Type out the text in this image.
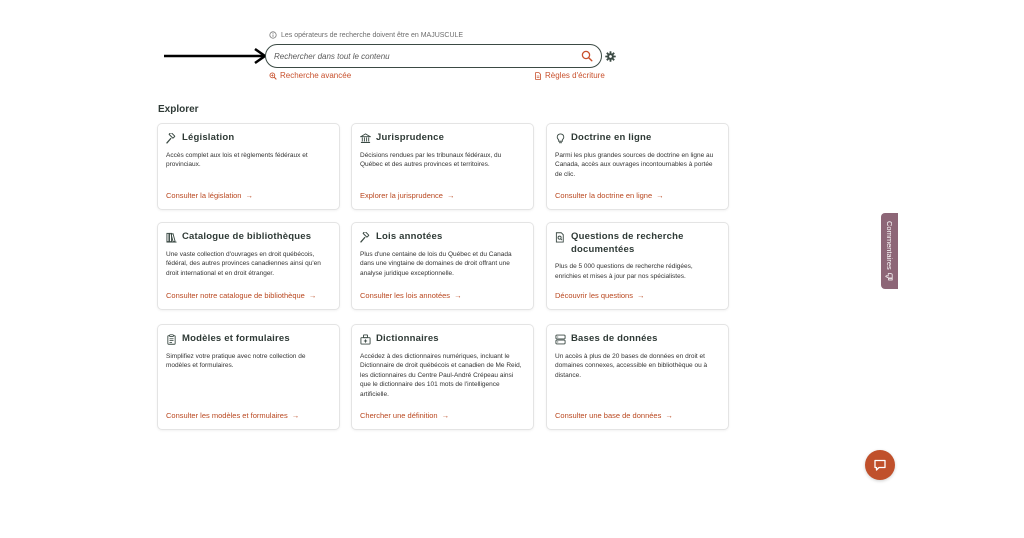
Les opérateurs de recherche doivent être en MAJUSCULE
Rechercher dans tout le contenu
Recherche avancée	Règles d'écriture
Explorer
Législation
Accès complet aux lois et règlements fédéraux et provinciaux.
Consulter la législation →
Jurisprudence
Décisions rendues par les tribunaux fédéraux, du Québec et des autres provinces et territoires.
Explorer la jurisprudence →
Doctrine en ligne
Parmi les plus grandes sources de doctrine en ligne au Canada, accès aux ouvrages incontournables à portée de clic.
Consulter la doctrine en ligne →
Catalogue de bibliothèques
Une vaste collection d'ouvrages en droit québécois, fédéral, des autres provinces canadiennes ainsi qu'en droit international et en droit étranger.
Consulter notre catalogue de bibliothèque →
Lois annotées
Plus d'une centaine de lois du Québec et du Canada dans une vingtaine de domaines de droit offrant une analyse juridique exceptionnelle.
Consulter les lois annotées →
Questions de recherche documentées
Plus de 5 000 questions de recherche rédigées, enrichies et mises à jour par nos spécialistes.
Découvrir les questions →
Modèles et formulaires
Simplifiez votre pratique avec notre collection de modèles et formulaires.
Consulter les modèles et formulaires →
Dictionnaires
Accédez à des dictionnaires numériques, incluant le Dictionnaire de droit québécois et canadien de Me Reid, les dictionnaires du Centre Paul-André Crépeau ainsi que le dictionnaire des 101 mots de l'intelligence artificielle.
Chercher une définition →
Bases de données
Un accès à plus de 20 bases de données en droit et domaines connexes, accessible en bibliothèque ou à distance.
Consulter une base de données →
Commentaires
